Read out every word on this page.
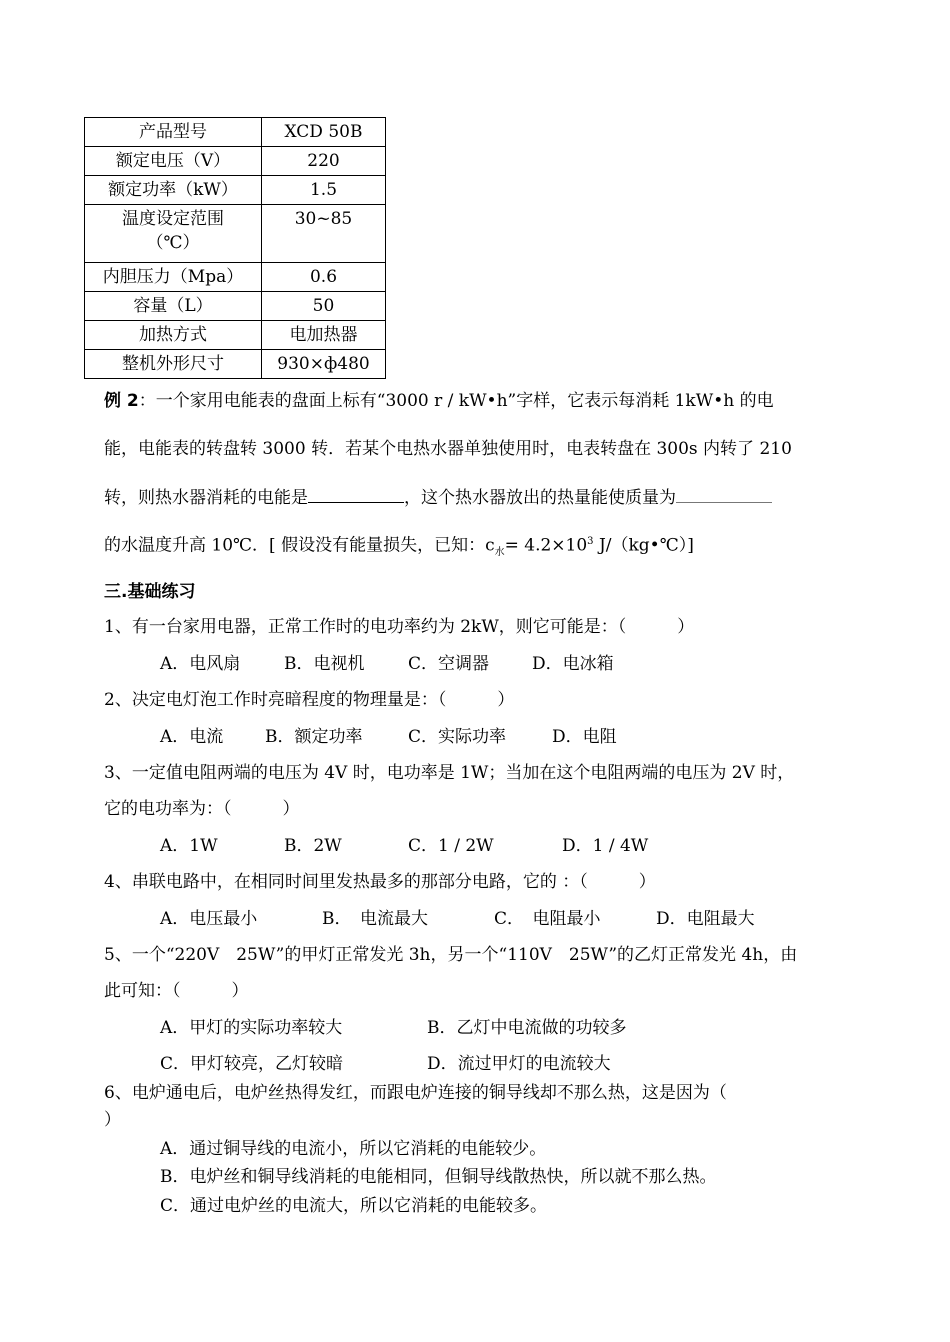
产品型号	XCD 50B
额定电压（V）	220
额定功率（kW）	1.5

温度设定范围
（℃）	30~85
内胆压力（Mpa）	0.6
容量（L）	50
加热方式	电加热器
整机外形尺寸	930×ф480
例 2：一个家用电能表的盘面上标有“3000 r / kW•h”字样，它表示每消耗 1kW•h 的电
能，电能表的转盘转 3000 转．若某个电热水器单独使用时，电表转盘在 300s 内转了 210
转，则热水器消耗的电能是	，这个热水器放出的热量能使质量为
的水温度升高 10℃．[ 假设没有能量损失，已知：$c_水= 4.2\times 10^3$ J/（kg•℃）]
三.基础练习
1、有一台家用电器，正常工作时的电功率约为 2kW，则它可能是：（　　　）
A．电风扇	B．电视机	C．空调器	D．电冰箱
2、决定电灯泡工作时亮暗程度的物理量是：（　　　）
A．电流 B．额定功率	C．实际功率	D．电阻
3、一定值电阻两端的电压为 4V 时，电功率是 1W；当加在这个电阻两端的电压为 2V 时，
它的电功率为：（　　　）
A．1W	B．2W	C．1 / 2W	D．1 / 4W
4、串联电路中，在相同时间里发热最多的那部分电路，它的 ：（　　　）
A．电压最小	B．　电流最大	C．　电阻最小	D．电阻最大
5、一个“220V　25W”的甲灯正常发光 3h，另一个“110V　25W”的乙灯正常发光 4h，由
此可知：（　　　）
A．甲灯的实际功率较大	B．乙灯中电流做的功较多
C．甲灯较亮，乙灯较暗	D．流过甲灯的电流较大
6、电炉通电后，电炉丝热得发红，而跟电炉连接的铜导线却不那么热，这是因为（
）
A．通过铜导线的电流小，所以它消耗的电能较少。
B．电炉丝和铜导线消耗的电能相同，但铜导线散热快，所以就不那么热。
C．通过电炉丝的电流大，所以它消耗的电能较多。
